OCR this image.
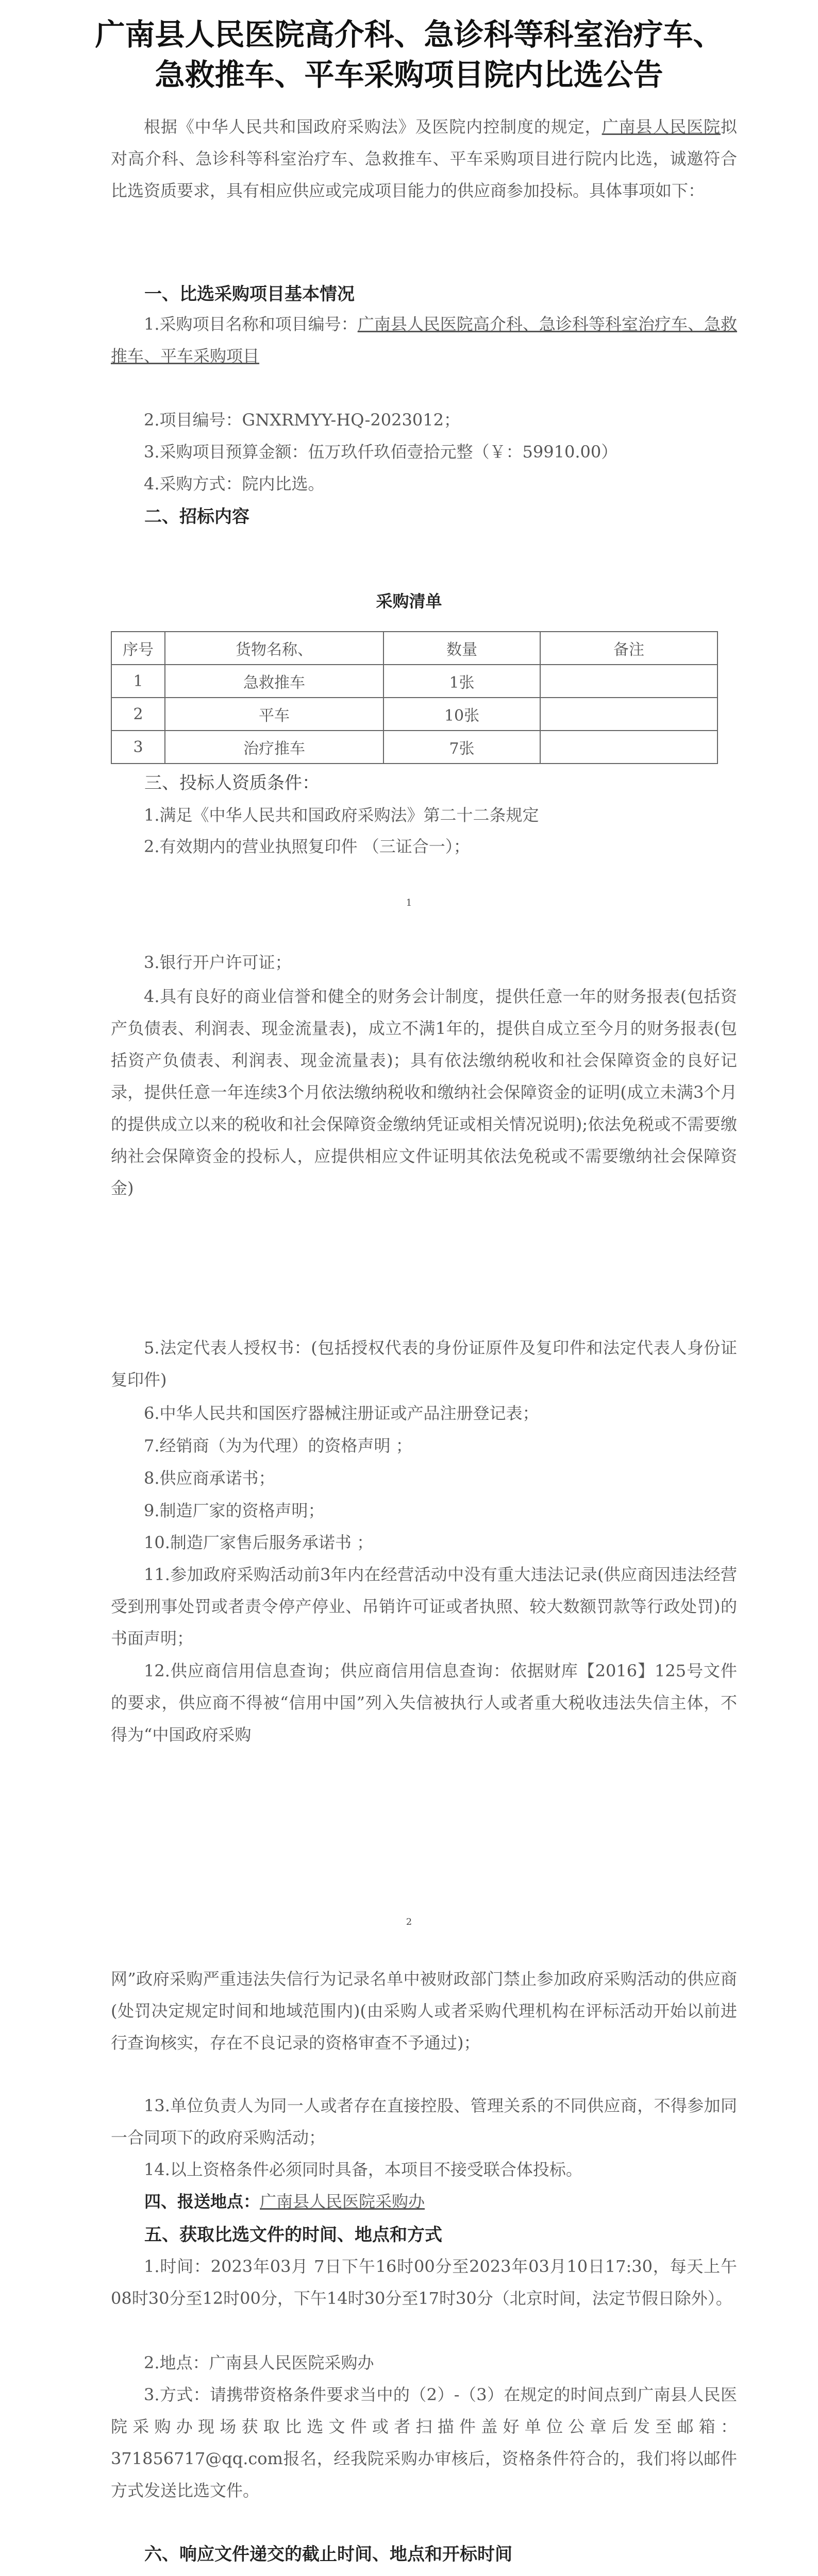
广南县人民医院高介科、急诊科等科室治疗车、
急救推车、平车采购项目院内比选公告
根据《中华人民共和国政府采购法》及医院内控制度的规定，广南县人民医院拟对高介科、急诊科等科室治疗车、急救推车、平车采购项目进行院内比选，诚邀符合比选资质要求，具有相应供应或完成项目能力的供应商参加投标。具体事项如下：
一、比选采购项目基本情况
1.采购项目名称和项目编号：广南县人民医院高介科、急诊科等科室治疗车、急救推车、平车采购项目
2.项目编号：GNXRMYY-HQ-2023012；
3.采购项目预算金额：伍万玖仟玖佰壹拾元整（￥：59910.00）
4.采购方式：院内比选。
二、招标内容
采购清单
序号	货物名称、	数量	备注
1	急救推车	1张	
2	平车	10张	
3	治疗推车	7张	
三、投标人资质条件：
1.满足《中华人民共和国政府采购法》第二十二条规定
2.有效期内的营业执照复印件 （三证合一）；
1
3.银行开户许可证；
4.具有良好的商业信誉和健全的财务会计制度，提供任意一年的财务报表(包括资产负债表、利润表、现金流量表)，成立不满1年的，提供自成立至今月的财务报表(包括资产负债表、利润表、现金流量表)；具有依法缴纳税收和社会保障资金的良好记录，提供任意一年连续3个月依法缴纳税收和缴纳社会保障资金的证明(成立未满3个月的提供成立以来的税收和社会保障资金缴纳凭证或相关情况说明);依法免税或不需要缴纳社会保障资金的投标人，应提供相应文件证明其依法免税或不需要缴纳社会保障资金)
5.法定代表人授权书：(包括授权代表的身份证原件及复印件和法定代表人身份证复印件)
6.中华人民共和国医疗器械注册证或产品注册登记表；
7.经销商（为为代理）的资格声明 ；
8.供应商承诺书；
9.制造厂家的资格声明；
10.制造厂家售后服务承诺书 ；
11.参加政府采购活动前3年内在经营活动中没有重大违法记录(供应商因违法经营受到刑事处罚或者责令停产停业、吊销许可证或者执照、较大数额罚款等行政处罚)的书面声明；
12.供应商信用信息查询；供应商信用信息查询：依据财库【2016】125号文件的要求，供应商不得被“信用中国”列入失信被执行人或者重大税收违法失信主体，不得为“中国政府采购
2
网”政府采购严重违法失信行为记录名单中被财政部门禁止参加政府采购活动的供应商(处罚决定规定时间和地域范围内)(由采购人或者采购代理机构在评标活动开始以前进行查询核实，存在不良记录的资格审查不予通过)；
13.单位负责人为同一人或者存在直接控股、管理关系的不同供应商，不得参加同一合同项下的政府采购活动；
14.以上资格条件必须同时具备，本项目不接受联合体投标。
四、报送地点：广南县人民医院采购办
五、获取比选文件的时间、地点和方式
1.时间：2023年03月 7日下午16时00分至2023年03月10日17:30，每天上午08时30分至12时00分，下午14时30分至17时30分（北京时间，法定节假日除外）。
2.地点：广南县人民医院采购办
3.方式：请携带资格条件要求当中的（2）-（3）在规定的时间点到广南县人民医院采购办现场获取比选文件或者扫描件盖好单位公章后发至邮箱：371856717@qq.com报名，经我院采购办审核后，资格条件符合的，我们将以邮件方式发送比选文件。
六、响应文件递交的截止时间、地点和开标时间
